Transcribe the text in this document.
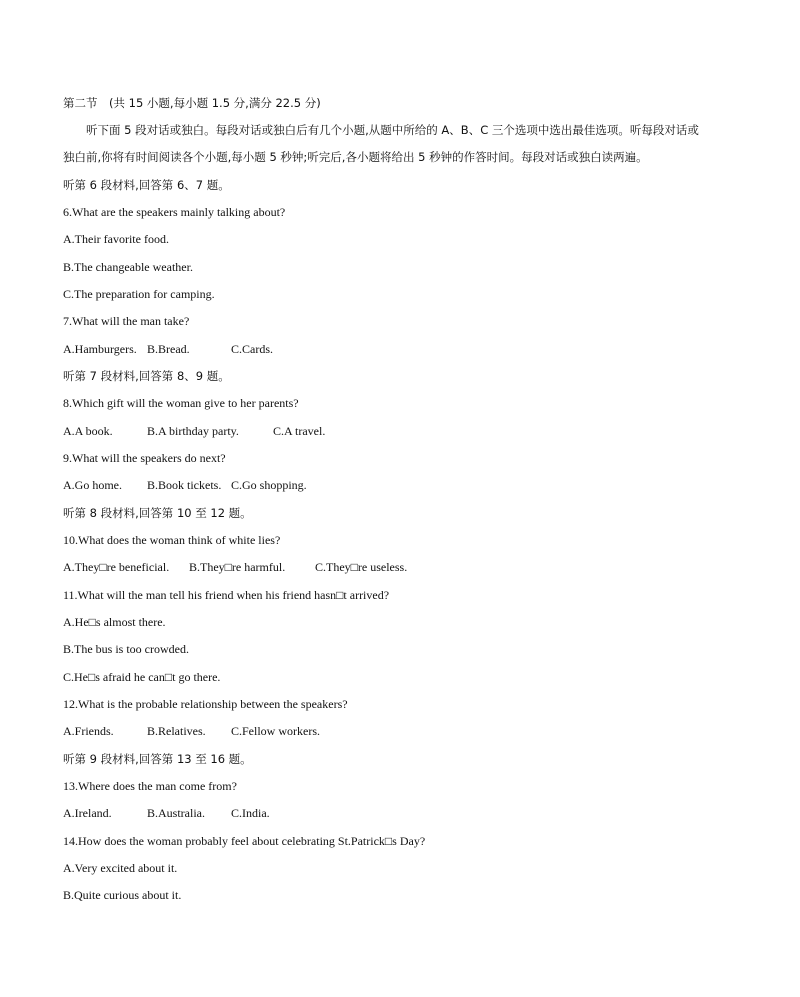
第二节　(共 15 小题,每小题 1.5 分,满分 22.5 分)
听下面 5 段对话或独白。每段对话或独白后有几个小题,从题中所给的 A、B、C 三个选项中选出最佳选项。听每段对话或
独白前,你将有时间阅读各个小题,每小题 5 秒钟;听完后,各小题将给出 5 秒钟的作答时间。每段对话或独白读两遍。
听第 6 段材料,回答第 6、7 题。
6.What are the speakers mainly talking about?
A.Their favorite food.
B.The changeable weather.
C.The preparation for camping.
7.What will the man take?
A.Hamburgers. B.Bread.	C.Cards.
听第 7 段材料,回答第 8、9 题。
8.Which gift will the woman give to her parents?
A.A book.	B.A birthday party.	C.A travel.
9.What will the speakers do next?
A.Go home. B.Book tickets. C.Go shopping.
听第 8 段材料,回答第 10 至 12 题。
10.What does the woman think of white lies?
A.They□re beneficial. B.They□re harmful. C.They□re useless.
11.What will the man tell his friend when his friend hasn□t arrived?
A.He□s almost there.
B.The bus is too crowded.
C.He□s afraid he can□t go there.
12.What is the probable relationship between the speakers?
A.Friends.	B.Relatives. C.Fellow workers.
听第 9 段材料,回答第 13 至 16 题。
13.Where does the man come from?
A.Ireland.	B.Australia. C.India.
14.How does the woman probably feel about celebrating St.Patrick□s Day?
A.Very excited about it.
B.Quite curious about it.
